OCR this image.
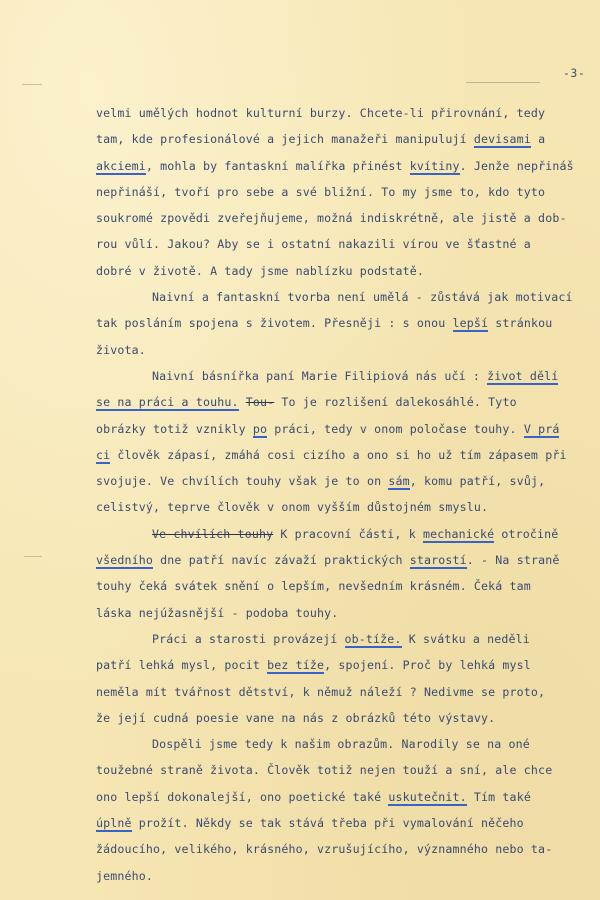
-3-
velmi umělých hodnot kulturní burzy. Chcete-li přirovnání, tedy
tam, kde profesionálové a jejich manažeři manipulují devisami a
akciemi, mohla by fantaskní malířka přinést kvítiny. Jenže nepřináš
nepřináší, tvoří pro sebe a své bližní. To my jsme to, kdo tyto
soukromé zpovědi zveřejňujeme, možná indiskrétně, ale jistě a dob-
rou vůlí. Jakou? Aby se i ostatní nakazili vírou ve šťastné a
dobré v životě. A tady jsme nablízku podstatě.
Naivní a fantaskní tvorba není umělá - zůstává jak motivací
tak posláním spojena s životem. Přesněji : s onou lepší stránkou
života.
Naivní básnířka paní Marie Filipiová nás učí : život dělí
se na práci a touhu. Tou- To je rozlišení dalekosáhlé. Tyto
obrázky totiž vznikly po práci, tedy v onom poločase touhy. V prá
ci člověk zápasí, zmáhá cosi cizího a ono si ho už tím zápasem při
svojuje. Ve chvílích touhy však je to on sám, komu patří, svůj,
celistvý, teprve člověk v onom vyšším důstojném smyslu.
Ve chvílích touhy K pracovní části, k mechanické otročině
všedního dne patří navíc závaží praktických starostí. - Na straně
touhy čeká svátek snění o lepším, nevšedním krásném. Čeká tam
láska nejúžasnější - podoba touhy.
Práci a starosti provázejí ob-tíže. K svátku a neděli
patří lehká mysl, pocit bez tíže, spojení. Proč by lehká mysl
neměla mít tvářnost dětství, k němuž náleží ? Nedivme se proto,
že její cudná poesie vane na nás z obrázků této výstavy.
Dospěli jsme tedy k našim obrazům. Narodily se na oné
toužebné straně života. Člověk totiž nejen touží a sní, ale chce
ono lepší dokonalejší, ono poetické také uskutečnit. Tím také
úplně prožít. Někdy se tak stává třeba při vymalování něčeho
žádoucího, velikého, krásného, vzrušujícího, významného nebo ta-
jemného.
